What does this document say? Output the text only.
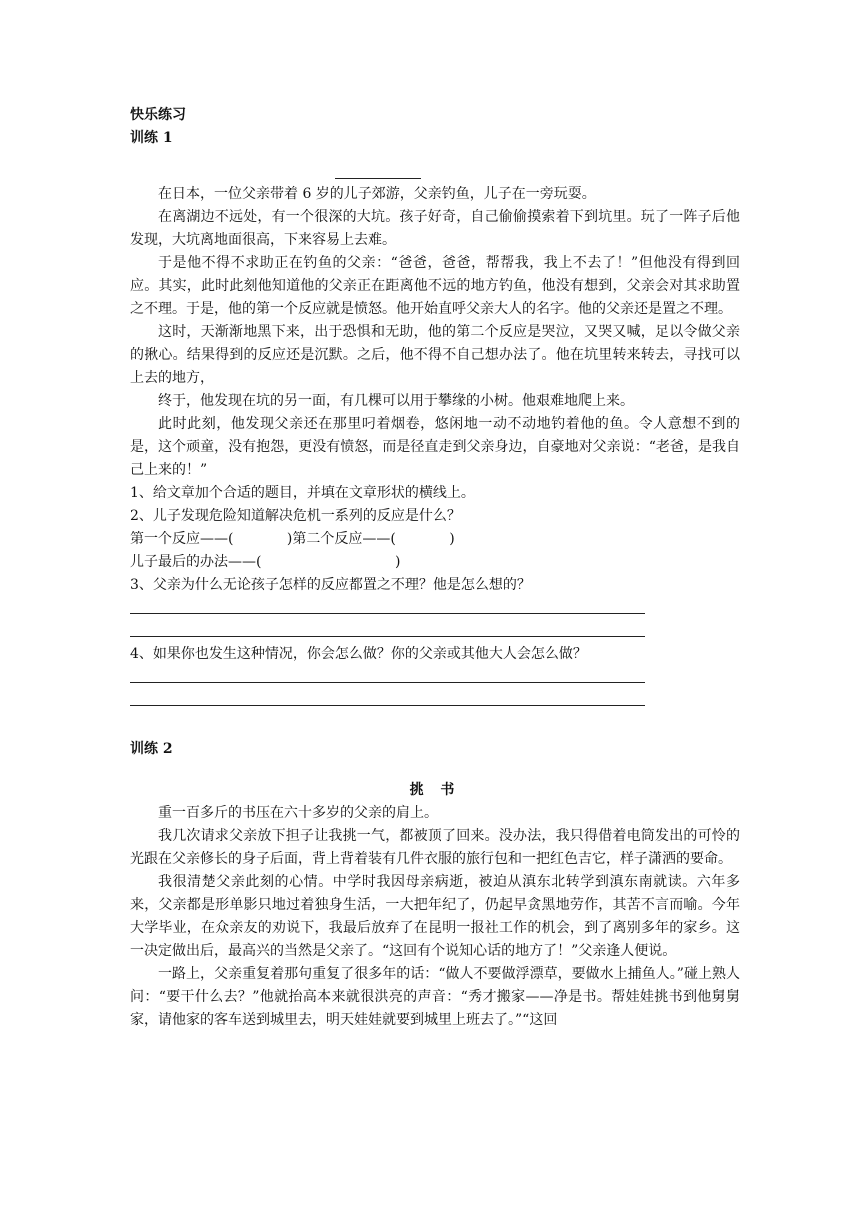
快乐练习
训练 1

在日本，一位父亲带着 6 岁的儿子郊游，父亲钓鱼，儿子在一旁玩耍。

在离湖边不远处，有一个很深的大坑。孩子好奇，自己偷偷摸索着下到坑里。玩了一阵子后他发现，大坑离地面很高，下来容易上去难。

于是他不得不求助正在钓鱼的父亲：“爸爸，爸爸，帮帮我，我上不去了！”但他没有得到回应。其实，此时此刻他知道他的父亲正在距离他不远的地方钓鱼，他没有想到，父亲会对其求助置之不理。于是，他的第一个反应就是愤怒。他开始直呼父亲大人的名字。他的父亲还是置之不理。

这时，天渐渐地黑下来，出于恐惧和无助，他的第二个反应是哭泣，又哭又喊，足以令做父亲的揪心。结果得到的反应还是沉默。之后，他不得不自己想办法了。他在坑里转来转去，寻找可以上去的地方，

终于，他发现在坑的另一面，有几棵可以用于攀缘的小树。他艰难地爬上来。

此时此刻，他发现父亲还在那里叼着烟卷，悠闲地一动不动地钓着他的鱼。令人意想不到的是，这个顽童，没有抱怨，更没有愤怒，而是径直走到父亲身边，自豪地对父亲说：“老爸，是我自己上来的！”

1、给文章加个合适的题目，并填在文章形状的横线上。
2、儿子发现危险知道解决危机一系列的反应是什么？
第一个反应——(            )第二个反应——(            )
儿子最后的办法——(                              )
3、父亲为什么无论孩子怎样的反应都置之不理？他是怎么想的？
4、如果你也发生这种情况，你会怎么做？你的父亲或其他大人会怎么做？
训练 2
挑 书

重一百多斤的书压在六十多岁的父亲的肩上。

我几次请求父亲放下担子让我挑一气，都被顶了回来。没办法，我只得借着电筒发出的可怜的光跟在父亲修长的身子后面，背上背着装有几件衣服的旅行包和一把红色吉它，样子潇洒的要命。

我很清楚父亲此刻的心情。中学时我因母亲病逝，被迫从滇东北转学到滇东南就读。六年多来，父亲都是形单影只地过着独身生活，一大把年纪了，仍起早贪黑地劳作，其苦不言而喻。今年大学毕业，在众亲友的劝说下，我最后放弃了在昆明一报社工作的机会，到了离别多年的家乡。这一决定做出后，最高兴的当然是父亲了。“这回有个说知心话的地方了！”父亲逢人便说。

一路上，父亲重复着那句重复了很多年的话：“做人不要做浮漂草，要做水上捕鱼人。”碰上熟人问：“要干什么去？”他就抬高本来就很洪亮的声音：“秀才搬家——净是书。帮娃娃挑书到他舅舅家，请他家的客车送到城里去，明天娃娃就要到城里上班去了。”“这回
